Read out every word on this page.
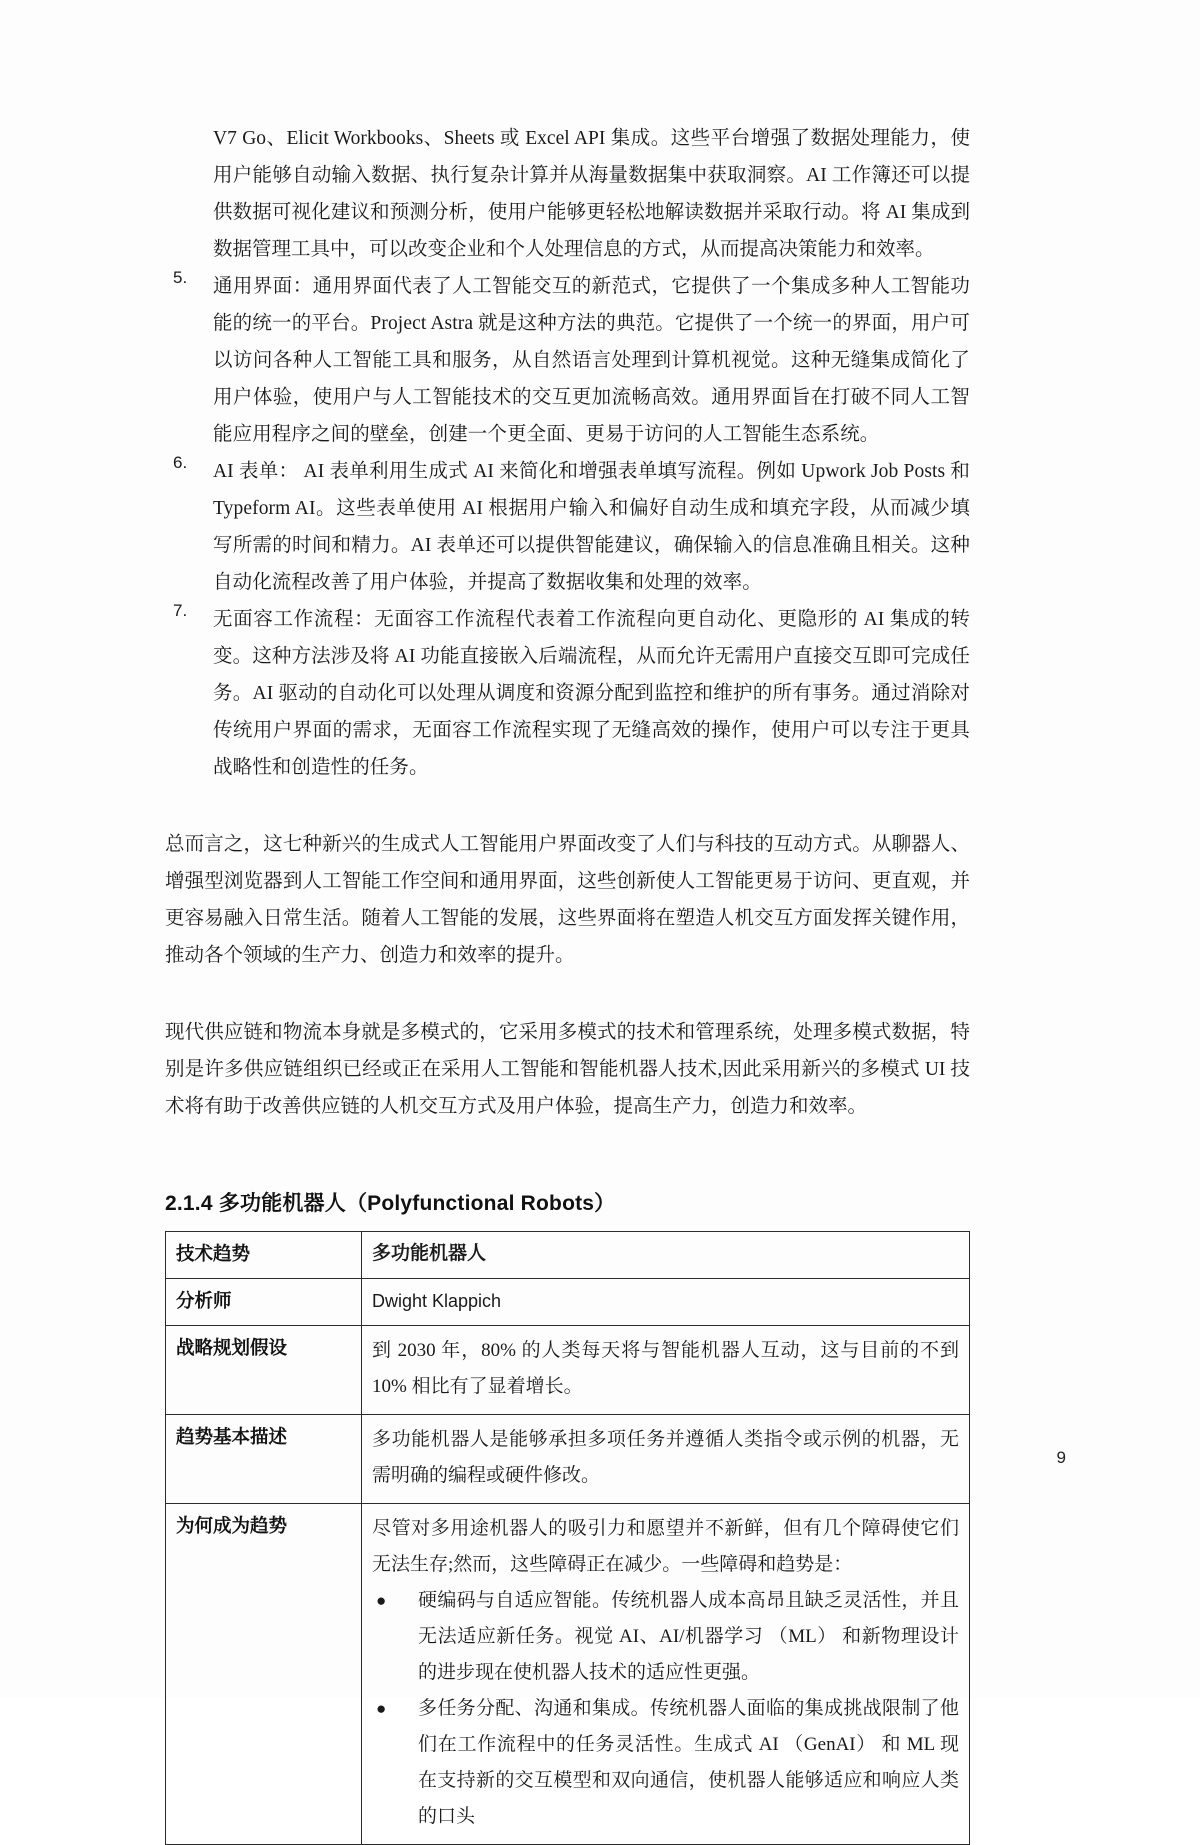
V7 Go、Elicit Workbooks、Sheets 或 Excel API 集成。这些平台增强了数据处理能力，使用户能够自动输入数据、执行复杂计算并从海量数据集中获取洞察。AI 工作簿还可以提供数据可视化建议和预测分析，使用户能够更轻松地解读数据并采取行动。将 AI 集成到数据管理工具中，可以改变企业和个人处理信息的方式，从而提高决策能力和效率。

5. 通用界面：通用界面代表了人工智能交互的新范式，它提供了一个集成多种人工智能功能的统一的平台。Project Astra 就是这种方法的典范。它提供了一个统一的界面，用户可以访问各种人工智能工具和服务，从自然语言处理到计算机视觉。这种无缝集成简化了用户体验，使用户与人工智能技术的交互更加流畅高效。通用界面旨在打破不同人工智能应用程序之间的壁垒，创建一个更全面、更易于访问的人工智能生态系统。

6. AI 表单： AI 表单利用生成式 AI 来简化和增强表单填写流程。例如 Upwork Job Posts 和 Typeform AI。这些表单使用 AI 根据用户输入和偏好自动生成和填充字段，从而减少填写所需的时间和精力。AI 表单还可以提供智能建议，确保输入的信息准确且相关。这种自动化流程改善了用户体验，并提高了数据收集和处理的效率。

7. 无面容工作流程：无面容工作流程代表着工作流程向更自动化、更隐形的 AI 集成的转变。这种方法涉及将 AI 功能直接嵌入后端流程，从而允许无需用户直接交互即可完成任务。AI 驱动的自动化可以处理从调度和资源分配到监控和维护的所有事务。通过消除对传统用户界面的需求，无面容工作流程实现了无缝高效的操作，使用户可以专注于更具战略性和创造性的任务。

总而言之，这七种新兴的生成式人工智能用户界面改变了人们与科技的互动方式。从聊器人、增强型浏览器到人工智能工作空间和通用界面，这些创新使人工智能更易于访问、更直观，并更容易融入日常生活。随着人工智能的发展，这些界面将在塑造人机交互方面发挥关键作用，推动各个领域的生产力、创造力和效率的提升。

现代供应链和物流本身就是多模式的，它采用多模式的技术和管理系统，处理多模式数据，特别是许多供应链组织已经或正在采用人工智能和智能机器人技术,因此采用新兴的多模式 UI 技术将有助于改善供应链的人机交互方式及用户体验，提高生产力，创造力和效率。

2.1.4 多功能机器人（Polyfunctional Robots）
技术趋势	多功能机器人
分析师	Dwight Klappich
战略规划假设	到 2030 年，80% 的人类每天将与智能机器人互动，这与目前的不到 10% 相比有了显着增长。
趋势基本描述	多功能机器人是能够承担多项任务并遵循人类指令或示例的机器，无需明确的编程或硬件修改。
为何成为趋势	尽管对多用途机器人的吸引力和愿望并不新鲜，但有几个障碍使它们无法生存;然而，这些障碍正在减少。一些障碍和趋势是：
● 硬编码与自适应智能。传统机器人成本高昂且缺乏灵活性，并且无法适应新任务。视觉 AI、AI/机器学习 （ML） 和新物理设计的进步现在使机器人技术的适应性更强。
● 多任务分配、沟通和集成。传统机器人面临的集成挑战限制了他们在工作流程中的任务灵活性。生成式 AI （GenAI） 和 ML 现在支持新的交互模型和双向通信，使机器人能够适应和响应人类的口头
9
